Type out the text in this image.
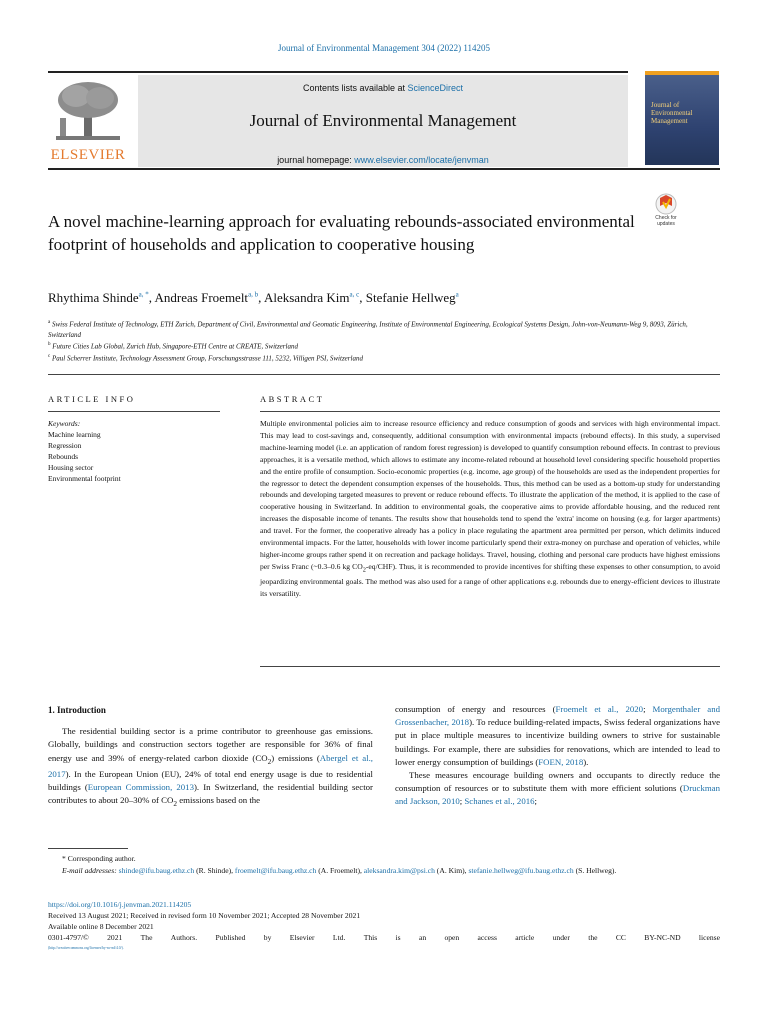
Journal of Environmental Management 304 (2022) 114205
ELSEVIER
Contents lists available at ScienceDirect
Journal of Environmental Management
journal homepage: www.elsevier.com/locate/jenvman
Journal of Environmental Management
Check for updates
A novel machine-learning approach for evaluating rebounds-associated environmental footprint of households and application to cooperative housing
Rhythima Shinde$^{a, *}$, Andreas Froemelt$^{a, b}$, Aleksandra Kim$^{a, c}$, Stefanie Hellweg$^a$
$^a$ Swiss Federal Institute of Technology, ETH Zurich, Department of Civil, Environmental and Geomatic Engineering, Institute of Environmental Engineering, Ecological Systems Design, John-von-Neumann-Weg 9, 8093, Zürich, Switzerland
$^b$ Future Cities Lab Global, Zurich Hub, Singapore-ETH Centre at CREATE, Switzerland
$^c$ Paul Scherrer Institute, Technology Assessment Group, Forschungsstrasse 111, 5232, Villigen PSI, Switzerland
ARTICLE INFO	ABSTRACT
Keywords:
Machine learning
Regression
Rebounds
Housing sector
Environmental footprint
Multiple environmental policies aim to increase resource efficiency and reduce consumption of goods and services with high environmental impact. This may lead to cost-savings and, consequently, additional consumption with environmental impacts (rebound effects). In this study, a supervised machine-learning model (i.e. an application of random forest regression) is developed to quantify consumption rebound effects. In contrast to previous approaches, it is a versatile method, which allows to estimate any income-related rebound at household level considering specific household properties and the entire profile of consumption. Socio-economic properties (e.g. income, age group) of the households are used as the independent properties for the regressor to detect the dependent consumption expenses of the households. Thus, this method can be used as a bottom-up study for understanding rebounds and developing targeted measures to prevent or reduce rebound effects. To illustrate the application of the method, it is applied to the case of cooperative housing in Switzerland. In addition to environmental goals, the cooperative aims to provide affordable housing, and the reduced rent increases the disposable income of tenants. The results show that households tend to spend the 'extra' income on housing (e.g. for larger apartments) and travel. For the former, the cooperative already has a policy in place regulating the apartment area permitted per person, which delimits induced environmental impacts. For the latter, households with lower income particularly spend their extra-money on purchase and operation of vehicles, while higher-income groups rather spend it on recreation and package holidays. Travel, housing, clothing and personal care products have highest emissions per Swiss Franc (~0.3–0.6 kg $CO_2-eq/CHF$). Thus, it is recommended to provide incentives for shifting these expenses to other consumption, to avoid jeopardizing environmental goals. The method was also used for a range of other applications e.g. rebounds due to energy-efficient devices to illustrate its versatility.
1. Introduction

The residential building sector is a prime contributor to greenhouse gas emissions. Globally, buildings and construction sectors together are responsible for 36% of final energy use and 39% of energy-related carbon dioxide $(CO_2)$ emissions (Abergel et al., 2017). In the European Union (EU), 24% of total end energy usage is due to residential buildings (European Commission, 2013). In Switzerland, the residential building sector contributes to about 20–30% of $CO_2$ emissions based on the

consumption of energy and resources (Froemelt et al., 2020; Morgenthaler and Grossenbacher, 2018). To reduce building-related impacts, Swiss federal organizations have put in place multiple measures to incentivize building owners to strive for sustainable buildings. For example, there are subsidies for renovations, which are intended to lead to lower energy consumption of buildings (FOEN, 2018).

These measures encourage building owners and occupants to directly reduce the consumption of resources or to substitute them with more efficient solutions (Druckman and Jackson, 2010; Schanes et al., 2016;

* Corresponding author.
E-mail addresses: shinde@ifu.baug.ethz.ch (R. Shinde), froemelt@ifu.baug.ethz.ch (A. Froemelt), aleksandra.kim@psi.ch (A. Kim), stefanie.hellweg@ifu.baug.ethz.ch (S. Hellweg).
https://doi.org/10.1016/j.jenvman.2021.114205
Received 13 August 2021; Received in revised form 10 November 2021; Accepted 28 November 2021
Available online 8 December 2021
0301-4797/© 2021 The Authors. Published by Elsevier Ltd. This is an open access article under the CC BY-NC-ND license
(http://creativecommons.org/licenses/by-nc-nd/4.0/).
